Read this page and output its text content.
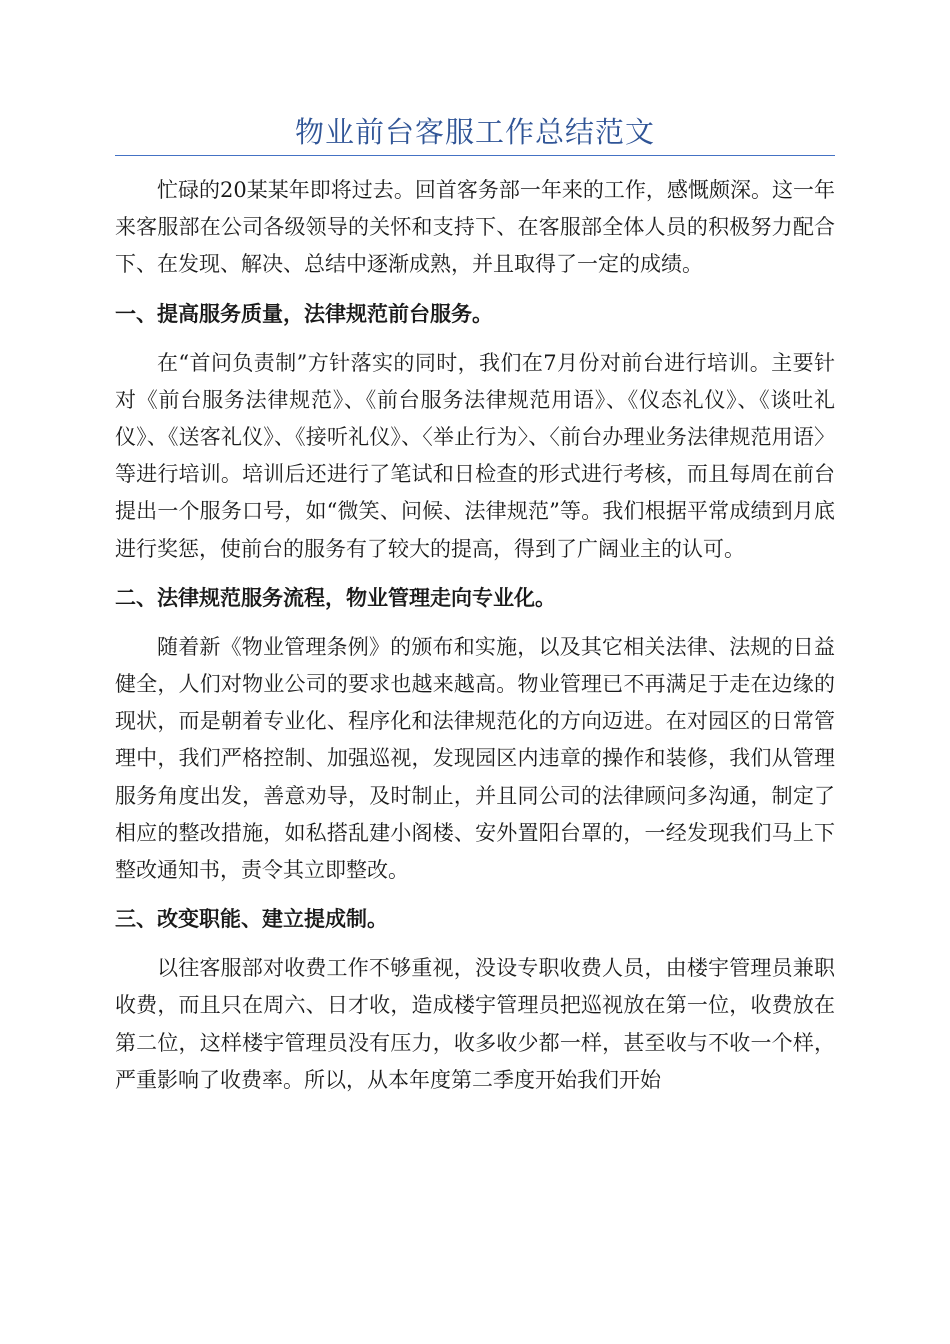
物业前台客服工作总结范文

忙碌的20某某年即将过去。回首客务部一年来的工作，感慨颇深。这一年来客服部在公司各级领导的关怀和支持下、在客服部全体人员的积极努力配合下、在发现、解决、总结中逐渐成熟，并且取得了一定的成绩。

一、提高服务质量，法律规范前台服务。

在“首问负责制”方针落实的同时，我们在7月份对前台进行培训。主要针对《前台服务法律规范》、《前台服务法律规范用语》、《仪态礼仪》、《谈吐礼仪》、《送客礼仪》、《接听礼仪》、〈举止行为〉、〈前台办理业务法律规范用语〉等进行培训。培训后还进行了笔试和日检查的形式进行考核，而且每周在前台提出一个服务口号，如“微笑、问候、法律规范”等。我们根据平常成绩到月底进行奖惩，使前台的服务有了较大的提高，得到了广阔业主的认可。

二、法律规范服务流程，物业管理走向专业化。

随着新《物业管理条例》的颁布和实施，以及其它相关法律、法规的日益健全，人们对物业公司的要求也越来越高。物业管理已不再满足于走在边缘的现状，而是朝着专业化、程序化和法律规范化的方向迈进。在对园区的日常管理中，我们严格控制、加强巡视，发现园区内违章的操作和装修，我们从管理服务角度出发，善意劝导，及时制止，并且同公司的法律顾问多沟通，制定了相应的整改措施，如私搭乱建小阁楼、安外置阳台罩的，一经发现我们马上下整改通知书，责令其立即整改。

三、改变职能、建立提成制。

以往客服部对收费工作不够重视，没设专职收费人员，由楼宇管理员兼职收费，而且只在周六、日才收，造成楼宇管理员把巡视放在第一位，收费放在第二位，这样楼宇管理员没有压力，收多收少都一样，甚至收与不收一个样，严重影响了收费率。所以，从本年度第二季度开始我们开始
